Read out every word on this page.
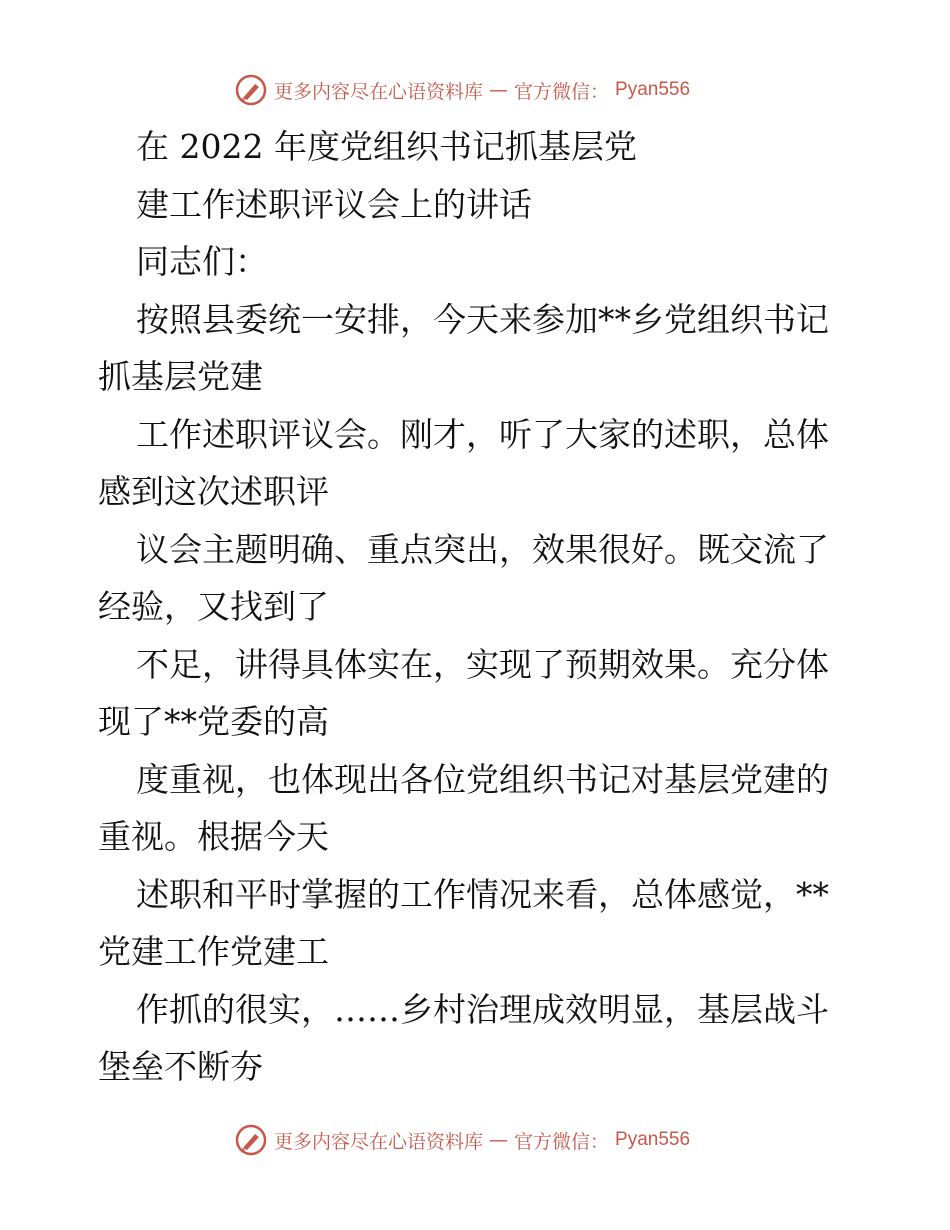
更多内容尽在心语资料库 — 官方微信： Pyan556
在 2022 年度党组织书记抓基层党
建工作述职评议会上的讲话
同志们：
按照县委统一安排，今天来参加**乡党组织书记
抓基层党建
工作述职评议会。刚才，听了大家的述职，总体
感到这次述职评
议会主题明确、重点突出，效果很好。既交流了
经验，又找到了
不足，讲得具体实在，实现了预期效果。充分体
现了**党委的高
度重视，也体现出各位党组织书记对基层党建的
重视。根据今天
述职和平时掌握的工作情况来看，总体感觉，**
党建工作党建工
作抓的很实，……乡村治理成效明显，基层战斗
堡垒不断夯
更多内容尽在心语资料库 — 官方微信： Pyan556
